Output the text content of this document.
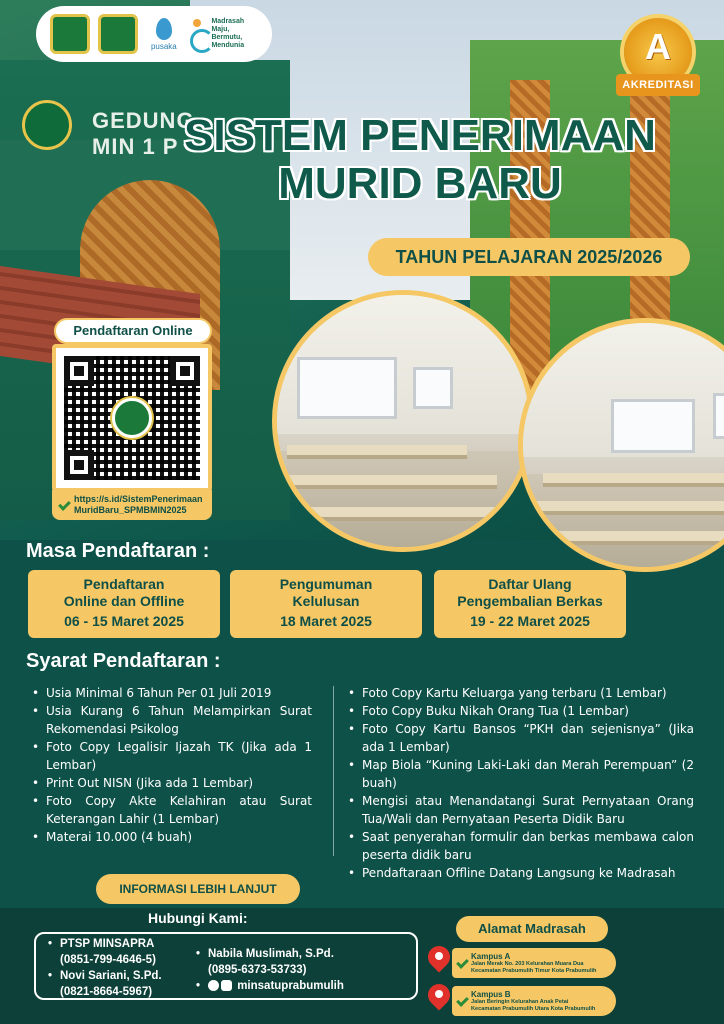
GEDUNG
MIN 1 P
pusaka
Madrasah Maju,
Bermutu,
Mendunia	A
AKREDITASI
SISTEM PENERIMAAN
MURID BARU
TAHUN PELAJARAN 2025/2026
Pendaftaran Online
https://s.id/SistemPenerimaanMuridBaru_SPMBMIN2025
Masa Pendaftaran :
Pendaftaran
Online dan Offline
06 - 15 Maret 2025
Pengumuman
Kelulusan
18 Maret 2025
Daftar Ulang
Pengembalian Berkas
19 - 22 Maret 2025
Syarat Pendaftaran :
• Usia Minimal 6 Tahun Per 01 Juli 2019
• Usia Kurang 6 Tahun Melampirkan Surat Rekomendasi Psikolog
• Foto Copy Legalisir Ijazah TK (Jika ada 1 Lembar)
• Print Out NISN (Jika ada 1 Lembar)
• Foto Copy Akte Kelahiran atau Surat Keterangan Lahir (1 Lembar)
• Materai 10.000 (4 buah)
• Foto Copy Kartu Keluarga yang terbaru (1 Lembar)
• Foto Copy Buku Nikah Orang Tua (1 Lembar)
• Foto Copy Kartu Bansos “PKH dan sejenisnya” (Jika ada 1 Lembar)
• Map Biola “Kuning Laki-Laki dan Merah Perempuan” (2 buah)
• Mengisi atau Menandatangi Surat Pernyataan Orang Tua/Wali dan Pernyataan Peserta Didik Baru
• Saat penyerahan formulir dan berkas membawa calon peserta didik baru
• Pendaftaraan Offline Datang Langsung ke Madrasah
INFORMASI LEBIH LANJUT
Hubungi Kami:
• PTSP MINSAPRA
(0851-799-4646-5)
• Novi Sariani, S.Pd.
(0821-8664-5967)
• Nabila Muslimah, S.Pd.
(0895-6373-53733)
• minsatuprabumulih
Alamat Madrasah
Kampus A
Jalan Merak No. 203 Kelurahan Muara Dua
Kecamatan Prabumulih Timur Kota Prabumulih
Kampus B
Jalan Beringin Kelurahan Anak Petai
Kecamatan Prabumulih Utara Kota Prabumulih
